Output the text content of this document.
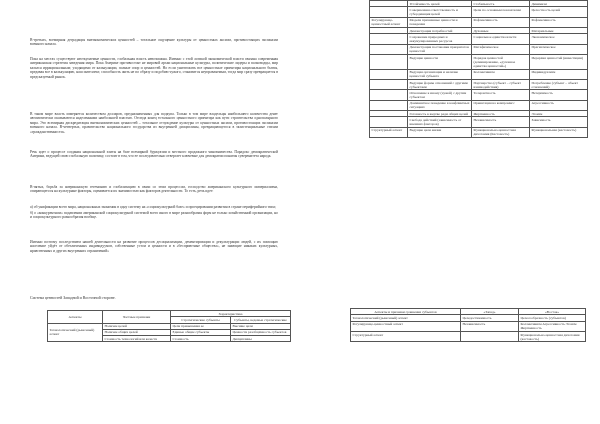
В-третьих, всемирная деградация внеэкономических ценностей – тотальное ощущение культуры от ценностных аксиом, противостоящих экспансии военного начала.

Пока на местах существуют неоткупаемые ценности, глобальная власть невозможна. Именно с этой логикой экономической власти связана современная американская стратегия заведения мира. Пока Америке противостоят не мировой архаи национальные культуры, политические лидеры и полководцы, мир казался иррациональным; уходящими от калькуляции, полные опор и ценностей. Но если уничтожить все ценностные ориентиры национального бытия, предавая все в калькуляцию, наш интеллект, способность жить не по образу и подобию чужого, становится неуправляемым, тогда мир сразу превращается в предсказуемый рынок.

В таком мире власть измеряется количеством долларов, предназначенных для подкупа. Только в том мире владельцы наибольшего количества денег автоматически оказываются наделенными наибольшей властью. Отсюда конец тотального ценностного ориентира как пути строительства однополярного мира. Это всемирная дискредитация внеэкономических ценностей – тотальное отчуждение культуры от ценностных аксиом, противостоящих экспансии военного начала. В-четвертых, правительство национального государства из внутренней дисциплины, превращающегося в экзистенциальные стихии «гражданственности».

Речь идет о процессе создания национальной элиты на базе всемирной буржуазии и местного продажного чиновничества. Парадокс демократической Америки, ведущей свою глобальную политику, состоит в том, что ее последовательно отвергает ключевые для демократии понятия суверенитета народа.

В-пятых, борьба за американскую гегемонию и глобализацию в связи со этим процессом, господство американского культурного империализма, опирающегося на культурные факторы, оценивается их значимостью как факторов деятельности. То есть, речь идет:

а) об унификации всего мира, национальных экономик в одну систему на «социокультурной базе» и проецировании развития в стране периферийного типа;

б) о «конкурентном» подавлении американской социокультурной системой всего иного в мире разнообразия форм не только хозяйственной организации, но и социокультурного разнообразия вообще.

Именно поэтому последствием нашей деятельности на развитие процессов десоциализации, дементиризации и декультурации людей, с их помощью население уйдёт от обезличенных индивидуумов, собственные устои и ценности и в «бесприютные общества», не знающие никаких культурных, нравственных и других внутренних ограничений»

Система ценностей Западной и Восточной стороне.

Аспекты	Частные признаки	Характеристика	
		Стратегические субъекты	Субъекты, ведомые стратегические
Технологический (рыночный) аспект	Наличие целей	Цели превышения ее	Высшие цели
	Наличие общих целей	Единые общие субъекты	Ценности разобщённость субъектов
	Стоимость технологий или качеств	Стоимость	Дисциплины
	Устойчивость целей	Стабильность	Динамизм
	Совершенная ответственность и субординация целей	Цели по основным показателям	Целостность целей
Регулирующе-ценностный аспект	Модели признанные ценности и поведения	Рефлексивность	Рефлексивность
	Демонстрация потребностей	Духовные	Материальные
	Сохранение природных и аккумулированных ресурсов	Социальное единства власти	Экономическое
	Демонстрация постановки приоритетов ценностей	Метафизическое	Прагматическое
	Ведущие ценности	Порядок ценностей (доминирование, «духовное единства ценностей»)	Иерархия ценностей (инвестиции)
	Ведущая организация и наличие ценностей субъекта	Коллективизм	Индивидуализм
	Ведущие формы отношений с другими субъектами	Партнерство (субъект – субъект взаимодействия)	Потребление (субъект – объект отношений)
	Отношение к иному (чужой) с другим субъектом	Толерантность	Нетерпимость
	Доминантное поведение в конфликтных ситуациях	Ориентация на компромисс	Агрессивность
	Готовность к жертве ради общих целей	Жертвенность	Эгоизм
	Свобода действий (зависимость от внешних факторов)	Независимость	Зависимость
Структурный аспект	Ведущие цели жизни	Функционально-ценностная дихотомия (Кастовость)	Функциональная (кастовость)
Аспекты и признаки сравнения субъектов	«Запад»	«Восток»
Технологический (рыночный) аспект	Целедостижимость	Целесообразность (субъектов)
Регулирующе-ценностный аспект	Независимость	Коллективизм Агрессивность Эгоизм Жертвенность
Структурный аспект		Функционально-ценностная дихотомия (кастовость)
